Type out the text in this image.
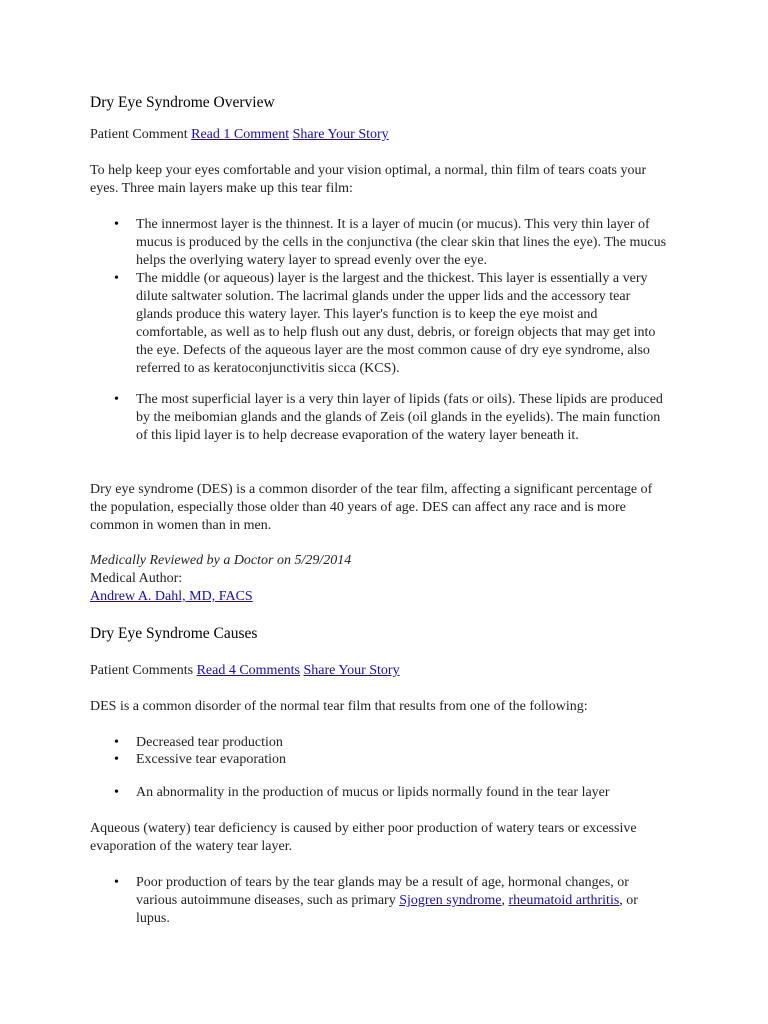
Dry Eye Syndrome Overview

Patient Comment Read 1 Comment Share Your Story

To help keep your eyes comfortable and your vision optimal, a normal, thin film of tears coats your eyes. Three main layers make up this tear film:

• The innermost layer is the thinnest. It is a layer of mucin (or mucus). This very thin layer of mucus is produced by the cells in the conjunctiva (the clear skin that lines the eye). The mucus helps the overlying watery layer to spread evenly over the eye.

• The middle (or aqueous) layer is the largest and the thickest. This layer is essentially a very dilute saltwater solution. The lacrimal glands under the upper lids and the accessory tear glands produce this watery layer. This layer's function is to keep the eye moist and comfortable, as well as to help flush out any dust, debris, or foreign objects that may get into the eye. Defects of the aqueous layer are the most common cause of dry eye syndrome, also referred to as keratoconjunctivitis sicca (KCS).

• The most superficial layer is a very thin layer of lipids (fats or oils). These lipids are produced by the meibomian glands and the glands of Zeis (oil glands in the eyelids). The main function of this lipid layer is to help decrease evaporation of the watery layer beneath it.

Dry eye syndrome (DES) is a common disorder of the tear film, affecting a significant percentage of the population, especially those older than 40 years of age. DES can affect any race and is more common in women than in men.

Medically Reviewed by a Doctor on 5/29/2014

Medical Author:

Andrew A. Dahl, MD, FACS

Dry Eye Syndrome Causes

Patient Comments Read 4 Comments Share Your Story

DES is a common disorder of the normal tear film that results from one of the following:

• Decreased tear production

• Excessive tear evaporation

• An abnormality in the production of mucus or lipids normally found in the tear layer

Aqueous (watery) tear deficiency is caused by either poor production of watery tears or excessive evaporation of the watery tear layer.

• Poor production of tears by the tear glands may be a result of age, hormonal changes, or various autoimmune diseases, such as primary Sjogren syndrome, rheumatoid arthritis, or lupus.
